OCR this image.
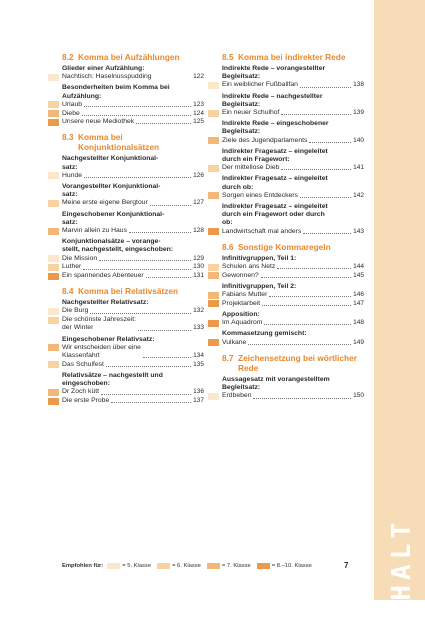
8.2 Komma bei Aufzählungen
Glieder einer Aufzählung:
Nachtisch: Haselnusspudding	122
Besonderheiten beim Komma bei
Aufzählung:
Urlaub	123
Diebe	124
Unsere neue Mediothek	125
8.3 Komma bei Konjunktionalsätzen
Nachgestellter Konjunktional-
satz:
Hunde	126
Vorangestellter Konjunktional-
satz:
Meine erste eigene Bergtour	127
Eingeschobener Konjunktional-
satz:
Marvin allein zu Haus	128
Konjunktionalsätze – vorange-
stellt, nachgestellt, eingeschoben:
Die Mission	129
Luther	130
Ein spannendes Abenteuer	131
8.4 Komma bei Relativsätzen
Nachgestellter Relativsatz:
Die Burg	132
Die schönste Jahreszeit:
der Winter	133
Eingeschobener Relativsatz:
Wir entscheiden über eine
Klassenfahrt	134
Das Schulfest	135
Relativsätze – nachgestellt und
eingeschoben:
Dr Zoch kütt	136
Die erste Probe	137
8.5 Komma bei indirekter Rede
Indirekte Rede – vorangestellter
Begleitsatz:
Ein weiblicher Fußballfan	138
Indirekte Rede – nachgestellter
Begleitsatz:
Ein neuer Schulhof	139
Indirekte Rede – eingeschobener
Begleitsatz:
Ziele des Jugendparlaments	140
Indirekter Fragesatz – eingeleitet
durch ein Fragewort:
Der mittellose Dieb	141
Indirekter Fragesatz – eingeleitet
durch ob:
Sorgen eines Entdeckers	142
Indirekter Fragesatz – eingeleitet
durch ein Fragewort oder durch
ob:
Landwirtschaft mal anders	143
8.6 Sonstige Kommaregeln
Infinitivgruppen, Teil 1:
Schulen ans Netz	144
Gewonnen?	145
Infinitivgruppen, Teil 2:
Fabians Mutter	146
Projektarbeit	147
Apposition:
Im Aquadrom	148
Kommasetzung gemischt:
Vulkane	149
8.7 Zeichensetzung bei wörtlicher Rede
Aussagesatz mit vorangestelltem
Begleitsatz:
Erdbeben	150
Empfohlen für:	= 5. Klasse	= 6. Klasse	= 7. Klasse	= 8.–10. Klasse	7 INHALT
